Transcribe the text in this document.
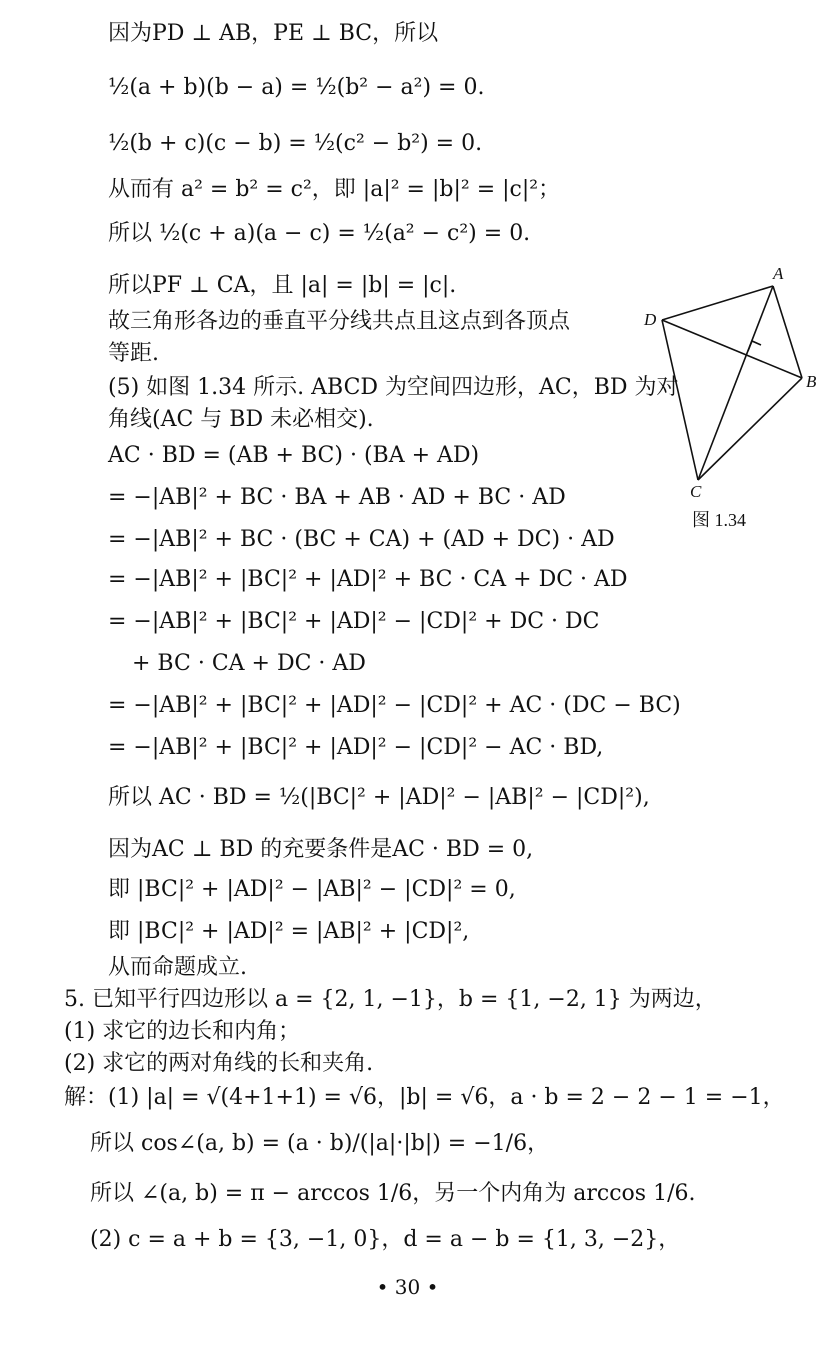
因为PD ⊥ AB，PE ⊥ BC，所以
½(a + b)(b − a) = ½(b² − a²) = 0.
½(b + c)(c − b) = ½(c² − b²) = 0.
从而有 a² = b² = c²，即 |a|² = |b|² = |c|²；
所以 ½(c + a)(a − c) = ½(a² − c²) = 0.
所以PF ⊥ CA，且 |a| = |b| = |c|.
故三角形各边的垂直平分线共点且这点到各顶点
等距.
(5) 如图 1.34 所示. ABCD 为空间四边形，AC，BD 为对
角线(AC 与 BD 未必相交).
AC · BD = (AB + BC) · (BA + AD)
= −|AB|² + BC · BA + AB · AD + BC · AD
= −|AB|² + BC · (BC + CA) + (AD + DC) · AD
= −|AB|² + |BC|² + |AD|² + BC · CA + DC · AD
= −|AB|² + |BC|² + |AD|² − |CD|² + DC · DC
+ BC · CA + DC · AD
= −|AB|² + |BC|² + |AD|² − |CD|² + AC · (DC − BC)
= −|AB|² + |BC|² + |AD|² − |CD|² − AC · BD,
所以 AC · BD = ½(|BC|² + |AD|² − |AB|² − |CD|²),
因为AC ⊥ BD 的充要条件是AC · BD = 0,
即 |BC|² + |AD|² − |AB|² − |CD|² = 0,
即 |BC|² + |AD|² = |AB|² + |CD|²,
从而命题成立.
5. 已知平行四边形以 a = {2, 1, −1}，b = {1, −2, 1} 为两边，
(1) 求它的边长和内角；
(2) 求它的两对角线的长和夹角.
解：(1) |a| = √(4+1+1) = √6，|b| = √6，a · b = 2 − 2 − 1 = −1，
所以 cos∠(a, b) = (a · b)/(|a|·|b|) = −1/6，
所以 ∠(a, b) = π − arccos 1/6，另一个内角为 arccos 1/6.
(2) c = a + b = {3, −1, 0}，d = a − b = {1, 3, −2}，
A
B
C
D
图 1.34
• 30 •
